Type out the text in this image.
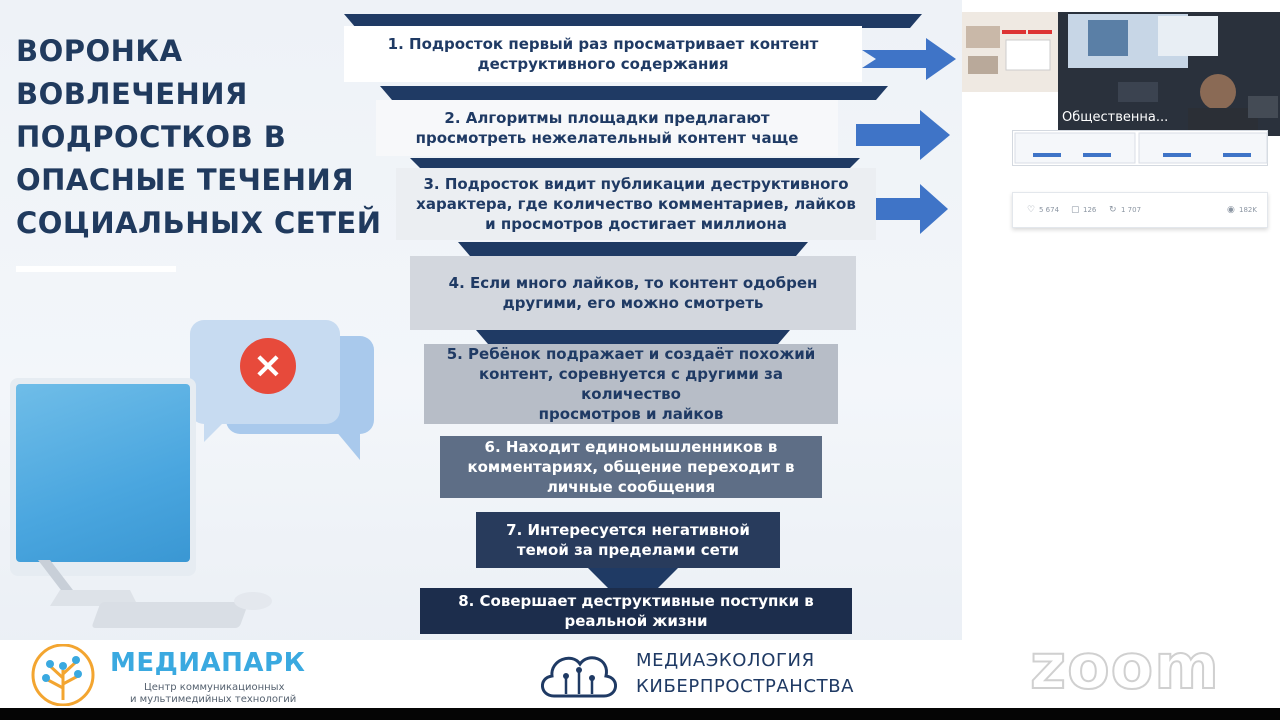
ВОРОНКА
ВОВЛЕЧЕНИЯ
ПОДРОСТКОВ В
ОПАСНЫЕ ТЕЧЕНИЯ
СОЦИАЛЬНЫХ СЕТЕЙ
×
1. Подросток первый раз просматривает контент
деструктивного содержания
2. Алгоритмы площадки предлагают
просмотреть нежелательный контент чаще
3. Подросток видит публикации деструктивного
характера, где количество комментариев, лайков
и просмотров достигает миллиона
4. Если много лайков, то контент одобрен
другими, его можно смотреть
5. Ребёнок подражает и создаёт похожий
контент, соревнуется с другими за количество
просмотров и лайков
6. Находит единомышленников в
комментариях, общение переходит в
личные сообщения
7. Интересуется негативной
темой за пределами сети
8. Совершает деструктивные поступки в
реальной жизни
МЕДИАПАРК
Центр коммуникационных
и мультимедийных технологий
МЕДИАЭКОЛОГИЯ
КИБЕРПРОСТРАНСТВА
Общественна...
♡ 5 674 ▢ 126 ↻ 1 707	◉ 182K
zoom
